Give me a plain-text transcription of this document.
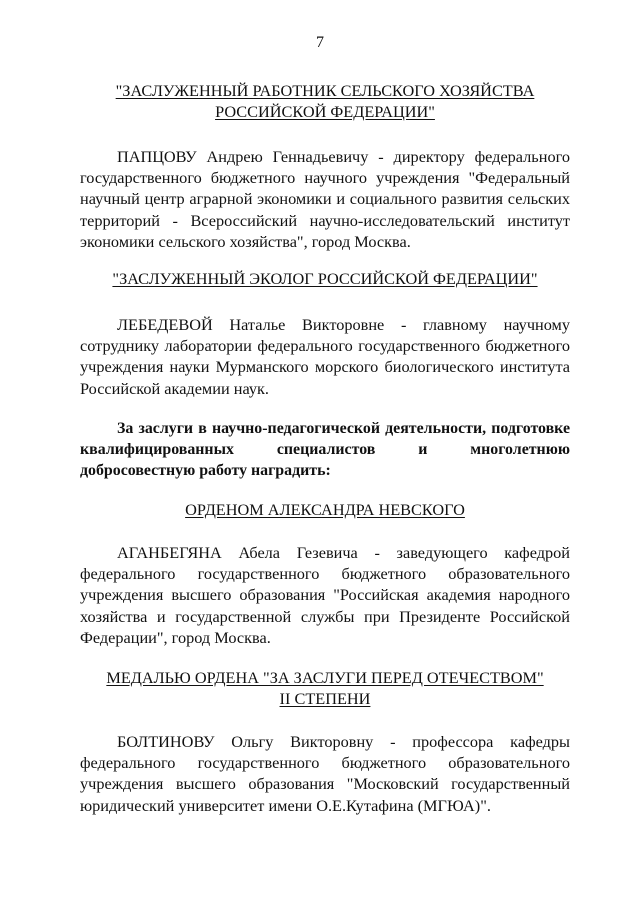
7
"ЗАСЛУЖЕННЫЙ РАБОТНИК СЕЛЬСКОГО ХОЗЯЙСТВА
РОССИЙСКОЙ ФЕДЕРАЦИИ"
ПАПЦОВУ Андрею Геннадьевичу - директору федерального государственного бюджетного научного учреждения "Федеральный научный центр аграрной экономики и социального развития сельских территорий - Всероссийский научно-исследовательский институт экономики сельского хозяйства", город Москва.
"ЗАСЛУЖЕННЫЙ ЭКОЛОГ РОССИЙСКОЙ ФЕДЕРАЦИИ"
ЛЕБЕДЕВОЙ Наталье Викторовне - главному научному сотруднику лаборатории федерального государственного бюджетного учреждения науки Мурманского морского биологического института Российской академии наук.
За заслуги в научно-педагогической деятельности, подготовке квалифицированных специалистов и многолетнюю добросовестную работу наградить:
ОРДЕНОМ АЛЕКСАНДРА НЕВСКОГО
АГАНБЕГЯНА Абела Гезевича - заведующего кафедрой федерального государственного бюджетного образовательного учреждения высшего образования "Российская академия народного хозяйства и государственной службы при Президенте Российской Федерации", город Москва.
МЕДАЛЬЮ ОРДЕНА "ЗА ЗАСЛУГИ ПЕРЕД ОТЕЧЕСТВОМ"
II СТЕПЕНИ
БОЛТИНОВУ Ольгу Викторовну - профессора кафедры федерального государственного бюджетного образовательного учреждения высшего образования "Московский государственный юридический университет имени О.Е.Кутафина (МГЮА)".
